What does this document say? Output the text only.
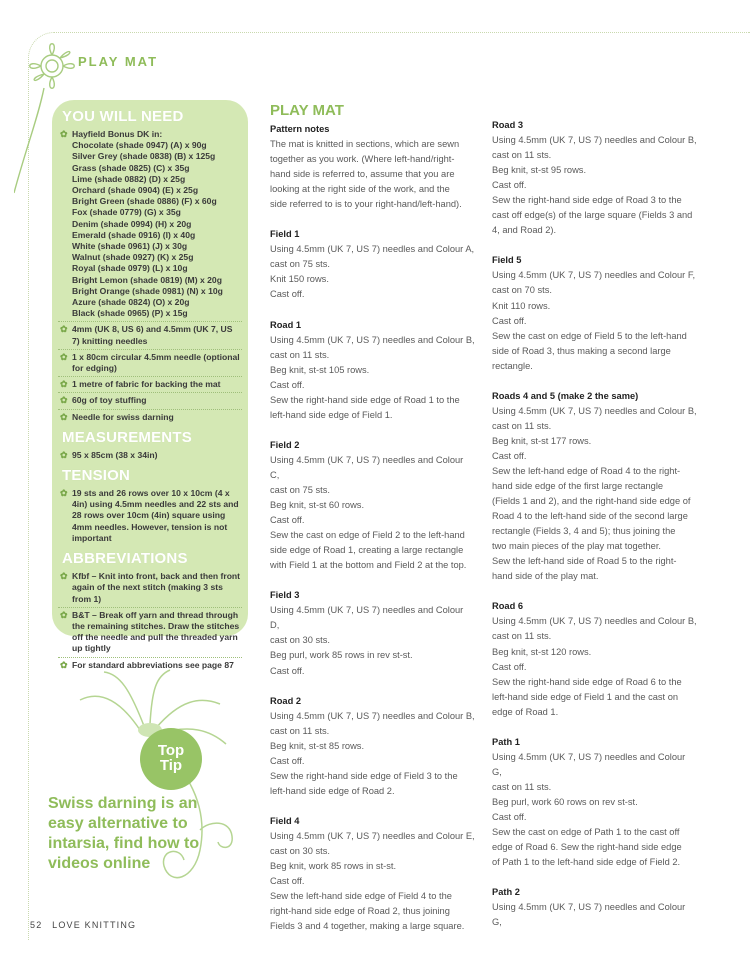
PLAY MAT
YOU WILL NEED
✿ Hayfield Bonus DK in:
Chocolate (shade 0947) (A) x 90g
Silver Grey (shade 0838) (B) x 125g
Grass (shade 0825) (C) x 35g
Lime (shade 0882) (D) x 25g
Orchard (shade 0904) (E) x 25g
Bright Green (shade 0886) (F) x 60g
Fox (shade 0779) (G) x 35g
Denim (shade 0994) (H) x 20g
Emerald (shade 0916) (I) x 40g
White (shade 0961) (J) x 30g
Walnut (shade 0927) (K) x 25g
Royal (shade 0979) (L) x 10g
Bright Lemon (shade 0819) (M) x 20g
Bright Orange (shade 0981) (N) x 10g
Azure (shade 0824) (O) x 20g
Black (shade 0965) (P) x 15g
✿ 4mm (UK 8, US 6) and 4.5mm (UK 7, US 7) knitting needles
✿ 1 x 80cm circular 4.5mm needle (optional for edging)
✿ 1 metre of fabric for backing the mat
✿ 60g of toy stuffing
✿ Needle for swiss darning
MEASUREMENTS
✿ 95 x 85cm (38 x 34in)
TENSION
✿ 19 sts and 26 rows over 10 x 10cm (4 x 4in) using 4.5mm needles and 22 sts and 28 rows over 10cm (4in) square using 4mm needles. However, tension is not important
ABBREVIATIONS
✿ Kfbf – Knit into front, back and then front again of the next stitch (making 3 sts from 1)
✿ B&T – Break off yarn and thread through the remaining stitches. Draw the stitches off the needle and pull the threaded yarn up tightly
✿ For standard abbreviations see page 87
Top
Tip
Swiss darning is an easy alternative to intarsia, find how to videos online
PLAY MAT

Pattern notes

The mat is knitted in sections, which are sewn

together as you work. (Where left-hand/right-

hand side is referred to, assume that you are

looking at the right side of the work, and the

side referred to is to your right-hand/left-hand).

Field 1

Using 4.5mm (UK 7, US 7) needles and Colour A,

cast on 75 sts.

Knit 150 rows.

Cast off.

Road 1

Using 4.5mm (UK 7, US 7) needles and Colour B,

cast on 11 sts.

Beg knit, st-st 105 rows.

Cast off.

Sew the right-hand side edge of Road 1 to the

left-hand side edge of Field 1.

Field 2

Using 4.5mm (UK 7, US 7) needles and Colour C,

cast on 75 sts.

Beg knit, st-st 60 rows.

Cast off.

Sew the cast on edge of Field 2 to the left-hand

side edge of Road 1, creating a large rectangle

with Field 1 at the bottom and Field 2 at the top.

Field 3

Using 4.5mm (UK 7, US 7) needles and Colour D,

cast on 30 sts.

Beg purl, work 85 rows in rev st-st.

Cast off.

Road 2

Using 4.5mm (UK 7, US 7) needles and Colour B,

cast on 11 sts.

Beg knit, st-st 85 rows.

Cast off.

Sew the right-hand side edge of Field 3 to the

left-hand side edge of Road 2.

Field 4

Using 4.5mm (UK 7, US 7) needles and Colour E,

cast on 30 sts.

Beg knit, work 85 rows in st-st.

Cast off.

Sew the left-hand side edge of Field 4 to the

right-hand side edge of Road 2, thus joining

Fields 3 and 4 together, making a large square.

Road 3

Using 4.5mm (UK 7, US 7) needles and Colour B,

cast on 11 sts.

Beg knit, st-st 95 rows.

Cast off.

Sew the right-hand side edge of Road 3 to the

cast off edge(s) of the large square (Fields 3 and

4, and Road 2).

Field 5

Using 4.5mm (UK 7, US 7) needles and Colour F,

cast on 70 sts.

Knit 110 rows.

Cast off.

Sew the cast on edge of Field 5 to the left-hand

side of Road 3, thus making a second large

rectangle.

Roads 4 and 5 (make 2 the same)

Using 4.5mm (UK 7, US 7) needles and Colour B,

cast on 11 sts.

Beg knit, st-st 177 rows.

Cast off.

Sew the left-hand edge of Road 4 to the right-

hand side edge of the first large rectangle

(Fields 1 and 2), and the right-hand side edge of

Road 4 to the left-hand side of the second large

rectangle (Fields 3, 4 and 5); thus joining the

two main pieces of the play mat together.

Sew the left-hand side of Road 5 to the right-

hand side of the play mat.

Road 6

Using 4.5mm (UK 7, US 7) needles and Colour B,

cast on 11 sts.

Beg knit, st-st 120 rows.

Cast off.

Sew the right-hand side edge of Road 6 to the

left-hand side edge of Field 1 and the cast on

edge of Road 1.

Path 1

Using 4.5mm (UK 7, US 7) needles and Colour G,

cast on 11 sts.

Beg purl, work 60 rows on rev st-st.

Cast off.

Sew the cast on edge of Path 1 to the cast off

edge of Road 6. Sew the right-hand side edge

of Path 1 to the left-hand side edge of Field 2.

Path 2

Using 4.5mm (UK 7, US 7) needles and Colour G,

52 LOVE KNITTING
